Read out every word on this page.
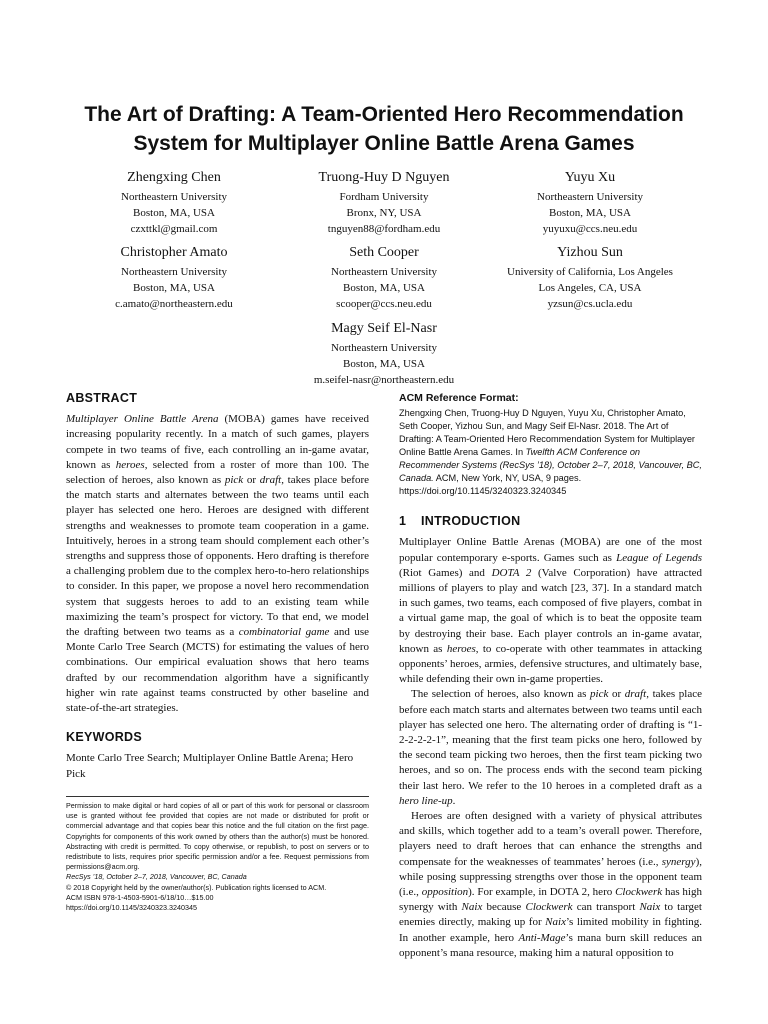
The Art of Drafting: A Team-Oriented Hero Recommendation
System for Multiplayer Online Battle Arena Games
Zhengxing Chen
Northeastern University
Boston, MA, USA
czxttkl@gmail.com
Truong-Huy D Nguyen
Fordham University
Bronx, NY, USA
tnguyen88@fordham.edu
Yuyu Xu
Northeastern University
Boston, MA, USA
yuyuxu@ccs.neu.edu
Christopher Amato
Northeastern University
Boston, MA, USA
c.amato@northeastern.edu
Seth Cooper
Northeastern University
Boston, MA, USA
scooper@ccs.neu.edu
Yizhou Sun
University of California, Los Angeles
Los Angeles, CA, USA
yzsun@cs.ucla.edu
Magy Seif El-Nasr
Northeastern University
Boston, MA, USA
m.seifel-nasr@northeastern.edu
ABSTRACT

Multiplayer Online Battle Arena (MOBA) games have received increasing popularity recently. In a match of such games, players compete in two teams of five, each controlling an in-game avatar, known as heroes, selected from a roster of more than 100. The selection of heroes, also known as pick or draft, takes place before the match starts and alternates between the two teams until each player has selected one hero. Heroes are designed with different strengths and weaknesses to promote team cooperation in a game. Intuitively, heroes in a strong team should complement each other’s strengths and suppress those of opponents. Hero drafting is therefore a challenging problem due to the complex hero-to-hero relationships to consider. In this paper, we propose a novel hero recommendation system that suggests heroes to add to an existing team while maximizing the team’s prospect for victory. To that end, we model the drafting between two teams as a combinatorial game and use Monte Carlo Tree Search (MCTS) for estimating the values of hero combinations. Our empirical evaluation shows that hero teams drafted by our recommendation algorithm have a significantly higher win rate against teams constructed by other baseline and state-of-the-art strategies.

KEYWORDS

Monte Carlo Tree Search; Multiplayer Online Battle Arena; Hero Pick

Permission to make digital or hard copies of all or part of this work for personal or classroom use is granted without fee provided that copies are not made or distributed for profit or commercial advantage and that copies bear this notice and the full citation on the first page. Copyrights for components of this work owned by others than the author(s) must be honored. Abstracting with credit is permitted. To copy otherwise, or republish, to post on servers or to redistribute to lists, requires prior specific permission and/or a fee. Request permissions from permissions@acm.org.

RecSys ’18, October 2–7, 2018, Vancouver, BC, Canada

© 2018 Copyright held by the owner/author(s). Publication rights licensed to ACM.

ACM ISBN 978-1-4503-5901-6/18/10…$15.00

https://doi.org/10.1145/3240323.3240345

ACM Reference Format:

Zhengxing Chen, Truong-Huy D Nguyen, Yuyu Xu, Christopher Amato, Seth Cooper, Yizhou Sun, and Magy Seif El-Nasr. 2018. The Art of Drafting: A Team-Oriented Hero Recommendation System for Multiplayer Online Battle Arena Games. In Twelfth ACM Conference on Recommender Systems (RecSys ’18), October 2–7, 2018, Vancouver, BC, Canada. ACM, New York, NY, USA, 9 pages. https://doi.org/10.1145/3240323.3240345

1 INTRODUCTION

Multiplayer Online Battle Arenas (MOBA) are one of the most popular contemporary e-sports. Games such as League of Legends (Riot Games) and DOTA 2 (Valve Corporation) have attracted millions of players to play and watch [23, 37]. In a standard match in such games, two teams, each composed of five players, combat in a virtual game map, the goal of which is to beat the opposite team by destroying their base. Each player controls an in-game avatar, known as heroes, to co-operate with other teammates in attacking opponents’ heroes, armies, defensive structures, and ultimately base, while defending their own in-game properties.

The selection of heroes, also known as pick or draft, takes place before each match starts and alternates between two teams until each player has selected one hero. The alternating order of drafting is “1-2-2-2-2-1”, meaning that the first team picks one hero, followed by the second team picking two heroes, then the first team picking two heroes, and so on. The process ends with the second team picking their last hero. We refer to the 10 heroes in a completed draft as a hero line-up.

Heroes are often designed with a variety of physical attributes and skills, which together add to a team’s overall power. Therefore, players need to draft heroes that can enhance the strengths and compensate for the weaknesses of teammates’ heroes (i.e., synergy), while posing suppressing strengths over those in the opponent team (i.e., opposition). For example, in DOTA 2, hero Clockwerk has high synergy with Naix because Clockwerk can transport Naix to target enemies directly, making up for Naix’s limited mobility in fighting. In another example, hero Anti-Mage’s mana burn skill reduces an opponent’s mana resource, making him a natural opposition to
